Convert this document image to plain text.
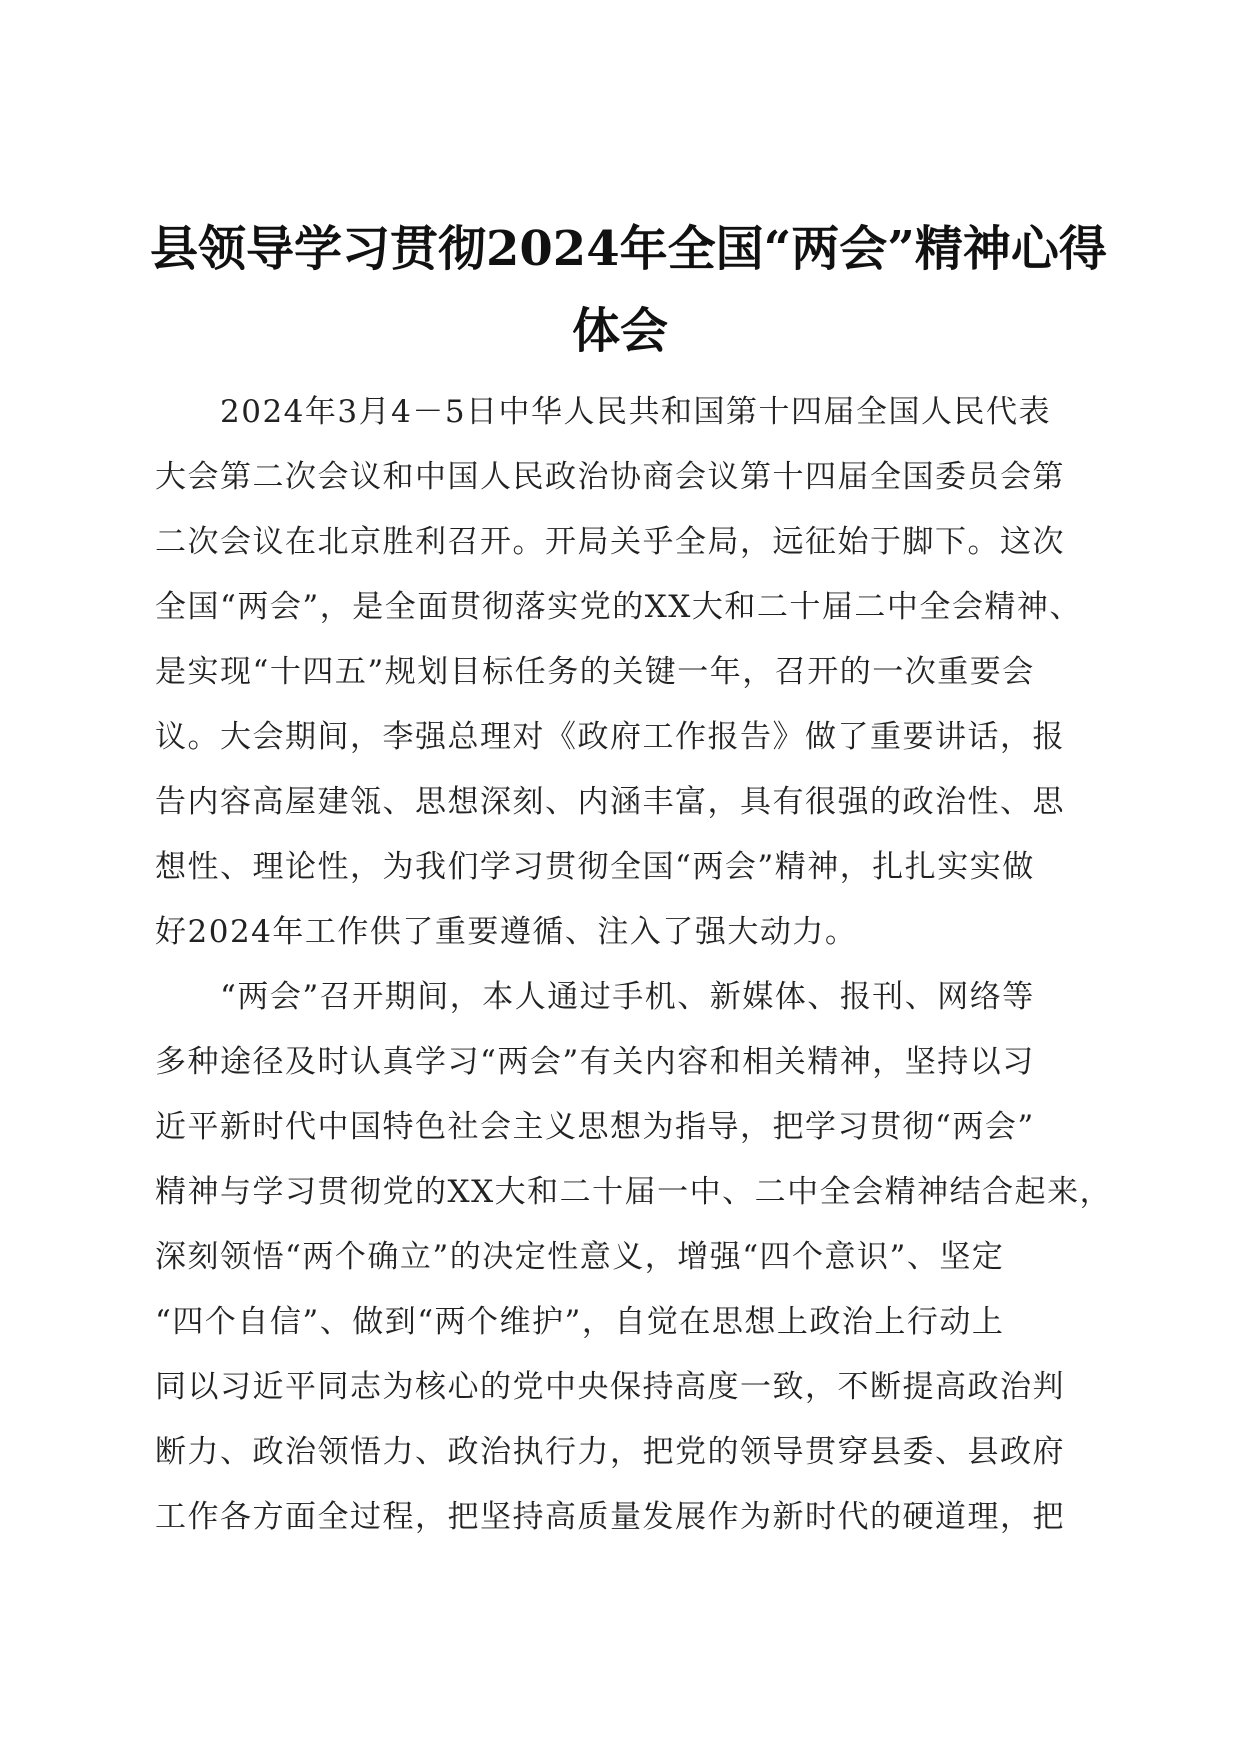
县领导学习贯彻2024年全国“两会”精神心得
体会
　　2024年3月4－5日中华人民共和国第十四届全国人民代表
大会第二次会议和中国人民政治协商会议第十四届全国委员会第
二次会议在北京胜利召开。开局关乎全局，远征始于脚下。这次
全国“两会”，是全面贯彻落实党的XX大和二十届二中全会精神、
是实现“十四五”规划目标任务的关键一年，召开的一次重要会
议。大会期间，李强总理对《政府工作报告》做了重要讲话，报
告内容高屋建瓴、思想深刻、内涵丰富，具有很强的政治性、思
想性、理论性，为我们学习贯彻全国“两会”精神，扎扎实实做
好2024年工作供了重要遵循、注入了强大动力。
　　“两会”召开期间，本人通过手机、新媒体、报刊、网络等
多种途径及时认真学习“两会”有关内容和相关精神，坚持以习
近平新时代中国特色社会主义思想为指导，把学习贯彻“两会”
精神与学习贯彻党的XX大和二十届一中、二中全会精神结合起来，
深刻领悟“两个确立”的决定性意义，增强“四个意识”、坚定
“四个自信”、做到“两个维护”，自觉在思想上政治上行动上
同以习近平同志为核心的党中央保持高度一致，不断提高政治判
断力、政治领悟力、政治执行力，把党的领导贯穿县委、县政府
工作各方面全过程，把坚持高质量发展作为新时代的硬道理，把
